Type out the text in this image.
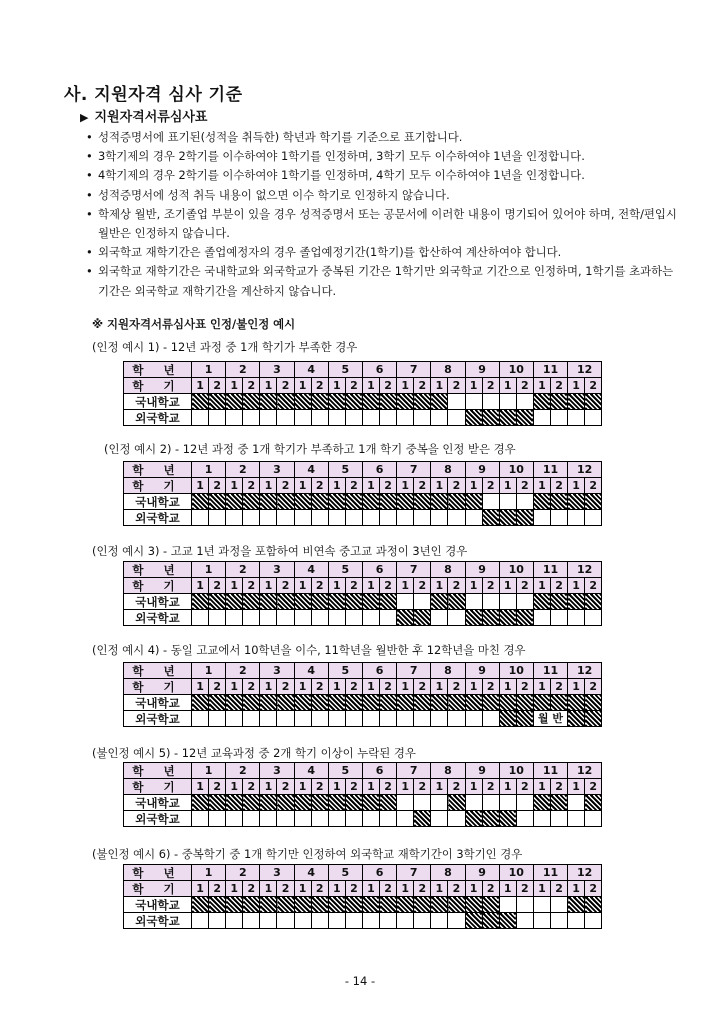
사. 지원자격 심사 기준
▶ 지원자격서류심사표
• 성적증명서에 표기된(성적을 취득한) 학년과 학기를 기준으로 표기합니다.
• 3학기제의 경우 2학기를 이수하여야 1학기를 인정하며, 3학기 모두 이수하여야 1년을 인정합니다.
• 4학기제의 경우 2학기를 이수하여야 1학기를 인정하며, 4학기 모두 이수하여야 1년을 인정합니다.
• 성적증명서에 성적 취득 내용이 없으면 이수 학기로 인정하지 않습니다.
• 학제상 월반, 조기졸업 부분이 있을 경우 성적증명서 또는 공문서에 이러한 내용이 명기되어 있어야 하며, 전학/편입시 월반은 인정하지 않습니다.
• 외국학교 재학기간은 졸업예정자의 경우 졸업예정기간(1학기)를 합산하여 계산하여야 합니다.
• 외국학교 재학기간은 국내학교와 외국학교가 중복된 기간은 1학기만 외국학교 기간으로 인정하며, 1학기를 초과하는 기간은 외국학교 재학기간을 계산하지 않습니다.
※ 지원자격서류심사표 인정/불인정 예시
(인정 예시 1) - 12년 과정 중 1개 학기가 부족한 경우
학 년	1		2		3		4		5		6		7		8		9		10		11		12	
학 기	1	2	1	2	1	2	1	2	1	2	1	2	1	2	1	2	1	2	1	2	1	2	1	2
국내학교																								
외국학교																								
(인정 예시 2) - 12년 과정 중 1개 학기가 부족하고 1개 학기 중복을 인정 받은 경우
학 년	1		2		3		4		5		6		7		8		9		10		11		12	
학 기	1	2	1	2	1	2	1	2	1	2	1	2	1	2	1	2	1	2	1	2	1	2	1	2
국내학교																								
외국학교																								
(인정 예시 3) - 고교 1년 과정을 포함하여 비연속 중고교 과정이 3년인 경우
학 년	1		2		3		4		5		6		7		8		9		10		11		12	
학 기	1	2	1	2	1	2	1	2	1	2	1	2	1	2	1	2	1	2	1	2	1	2	1	2
국내학교																								
외국학교																								
(인정 예시 4) - 동일 고교에서 10학년을 이수, 11학년을 월반한 후 12학년을 마친 경우
학 년	1		2		3		4		5		6		7		8		9		10		11		12	
학 기	1	2	1	2	1	2	1	2	1	2	1	2	1	2	1	2	1	2	1	2	1	2	1	2
국내학교																								
외국학교																					월 반			
(불인정 예시 5) - 12년 교육과정 중 2개 학기 이상이 누락된 경우
학 년	1		2		3		4		5		6		7		8		9		10		11		12	
학 기	1	2	1	2	1	2	1	2	1	2	1	2	1	2	1	2	1	2	1	2	1	2	1	2
국내학교																								
외국학교																								
(불인정 예시 6) - 중복학기 중 1개 학기만 인정하여 외국학교 재학기간이 3학기인 경우
학 년	1		2		3		4		5		6		7		8		9		10		11		12	
학 기	1	2	1	2	1	2	1	2	1	2	1	2	1	2	1	2	1	2	1	2	1	2	1	2
국내학교																								
외국학교																								
- 14 -
